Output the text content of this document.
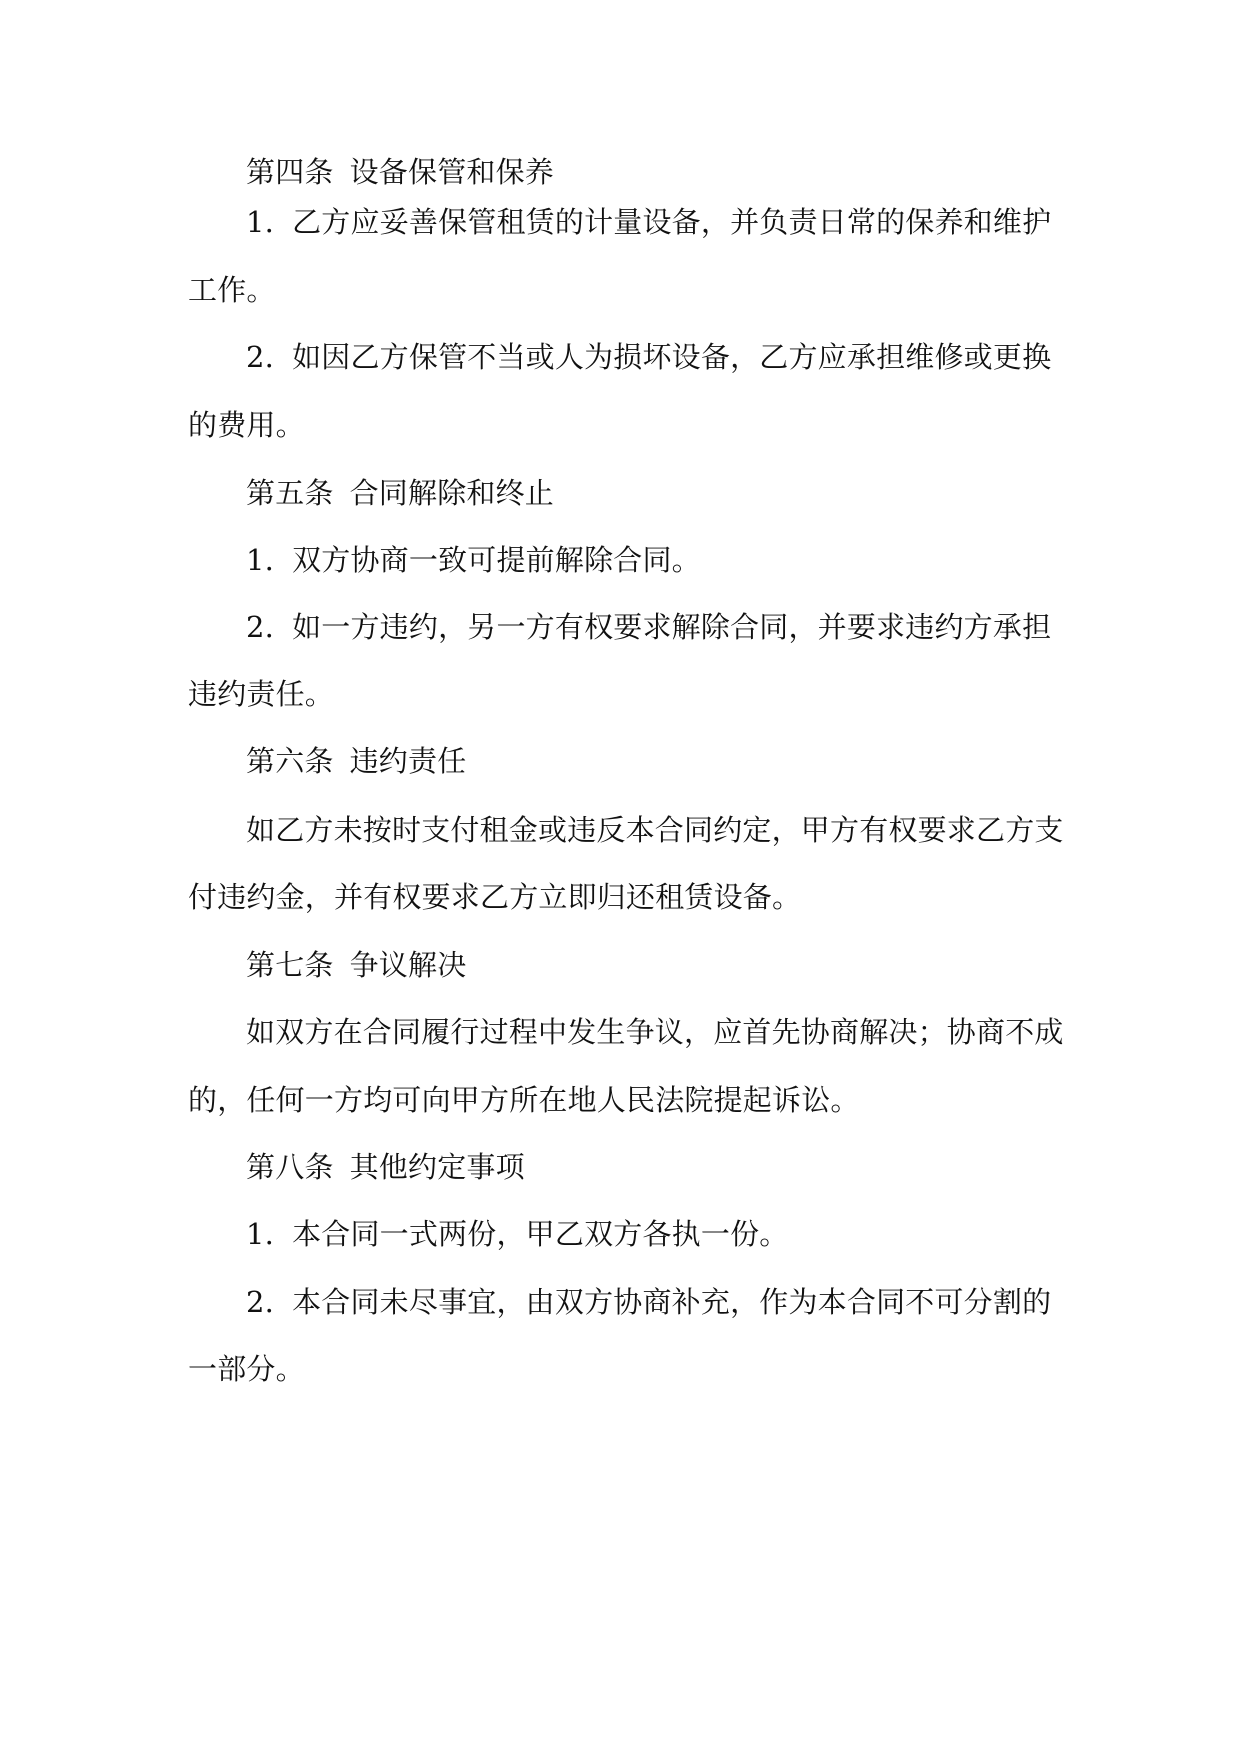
第四条 设备保管和保养
1. 乙方应妥善保管租赁的计量设备，并负责日常的保养和维护
工作。
2. 如因乙方保管不当或人为损坏设备，乙方应承担维修或更换
的费用。
第五条 合同解除和终止
1. 双方协商一致可提前解除合同。
2. 如一方违约，另一方有权要求解除合同，并要求违约方承担
违约责任。
第六条 违约责任
如乙方未按时支付租金或违反本合同约定，甲方有权要求乙方支
付违约金，并有权要求乙方立即归还租赁设备。
第七条 争议解决
如双方在合同履行过程中发生争议，应首先协商解决；协商不成
的，任何一方均可向甲方所在地人民法院提起诉讼。
第八条 其他约定事项
1. 本合同一式两份，甲乙双方各执一份。
2. 本合同未尽事宜，由双方协商补充，作为本合同不可分割的
一部分。
